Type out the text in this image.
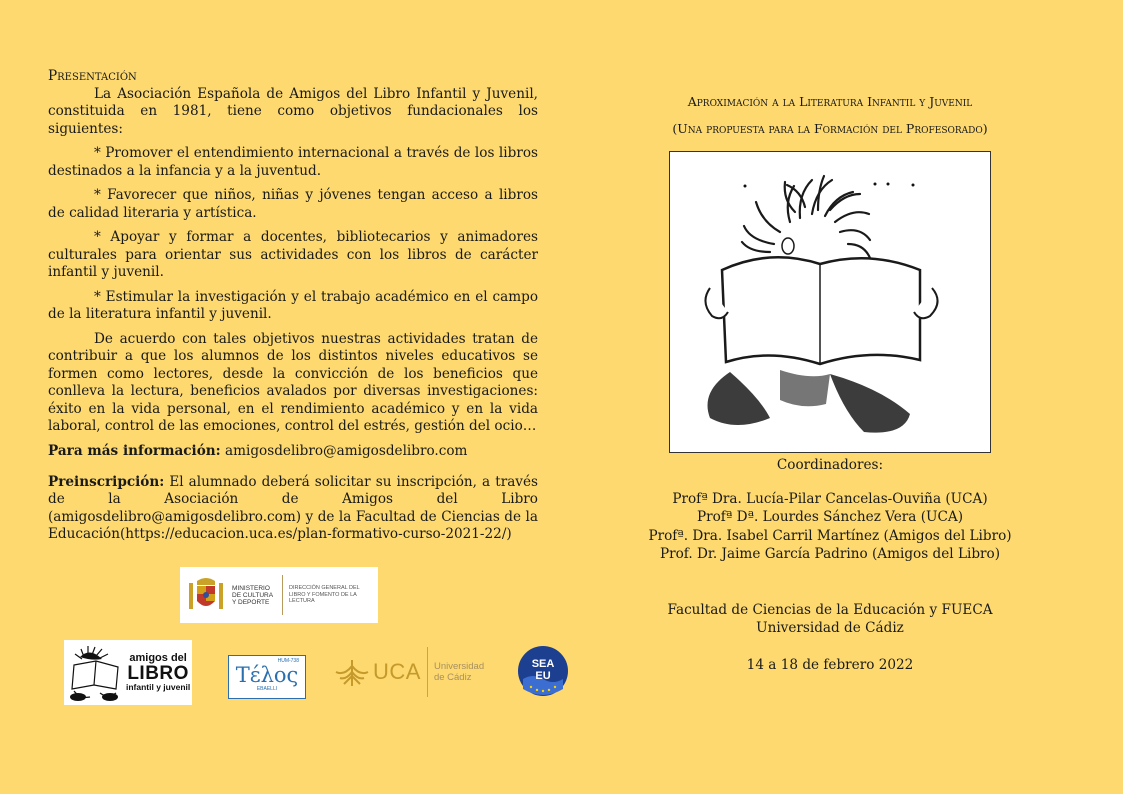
Presentación

La Asociación Española de Amigos del Libro Infantil y Juvenil, constituida en 1981, tiene como objetivos fundacionales los siguientes:

* Promover el entendimiento internacional a través de los libros destinados a la infancia y a la juventud.

* Favorecer que niños, niñas y jóvenes tengan acceso a libros de calidad literaria y artística.

* Apoyar y formar a docentes, bibliotecarios y animadores culturales para orientar sus actividades con los libros de carácter infantil y juvenil.

* Estimular la investigación y el trabajo académico en el campo de la literatura infantil y juvenil.

De acuerdo con tales objetivos nuestras actividades tratan de contribuir a que los alumnos de los distintos niveles educativos se formen como lectores, desde la convicción de los beneficios que conlleva la lectura, beneficios avalados por diversas investigaciones: éxito en la vida personal, en el rendimiento académico y en la vida laboral, control de las emociones, control del estrés, gestión del ocio…

Para más información: amigosdelibro@amigosdelibro.com

Preinscripción: El alumnado deberá solicitar su inscripción, a través de la Asociación de Amigos del Libro (amigosdelibro@amigosdelibro.com) y de la Facultad de Ciencias de la Educación(https://educacion.uca.es/plan-formativo-curso-2021-22/)

MINISTERIO DE CULTURA Y DEPORTE
DIRECCIÓN GENERAL DEL LIBRO Y FOMENTO DE LA LECTURA
amigos del
LIBRO
infantil y juvenil
HUM-738
Τέλος
EBAELLI
UCA Universidad
de Cádiz
SEA
EU
Aproximación a la Literatura Infantil y Juvenil
(Una propuesta para la Formación del Profesorado)
Coordinadores:
Profª Dra. Lucía-Pilar Cancelas-Ouviña (UCA)
Profª Dª. Lourdes Sánchez Vera (UCA)
Profª. Dra. Isabel Carril Martínez (Amigos del Libro)
Prof. Dr. Jaime García Padrino (Amigos del Libro)
Facultad de Ciencias de la Educación y FUECA
Universidad de Cádiz
14 a 18 de febrero 2022
